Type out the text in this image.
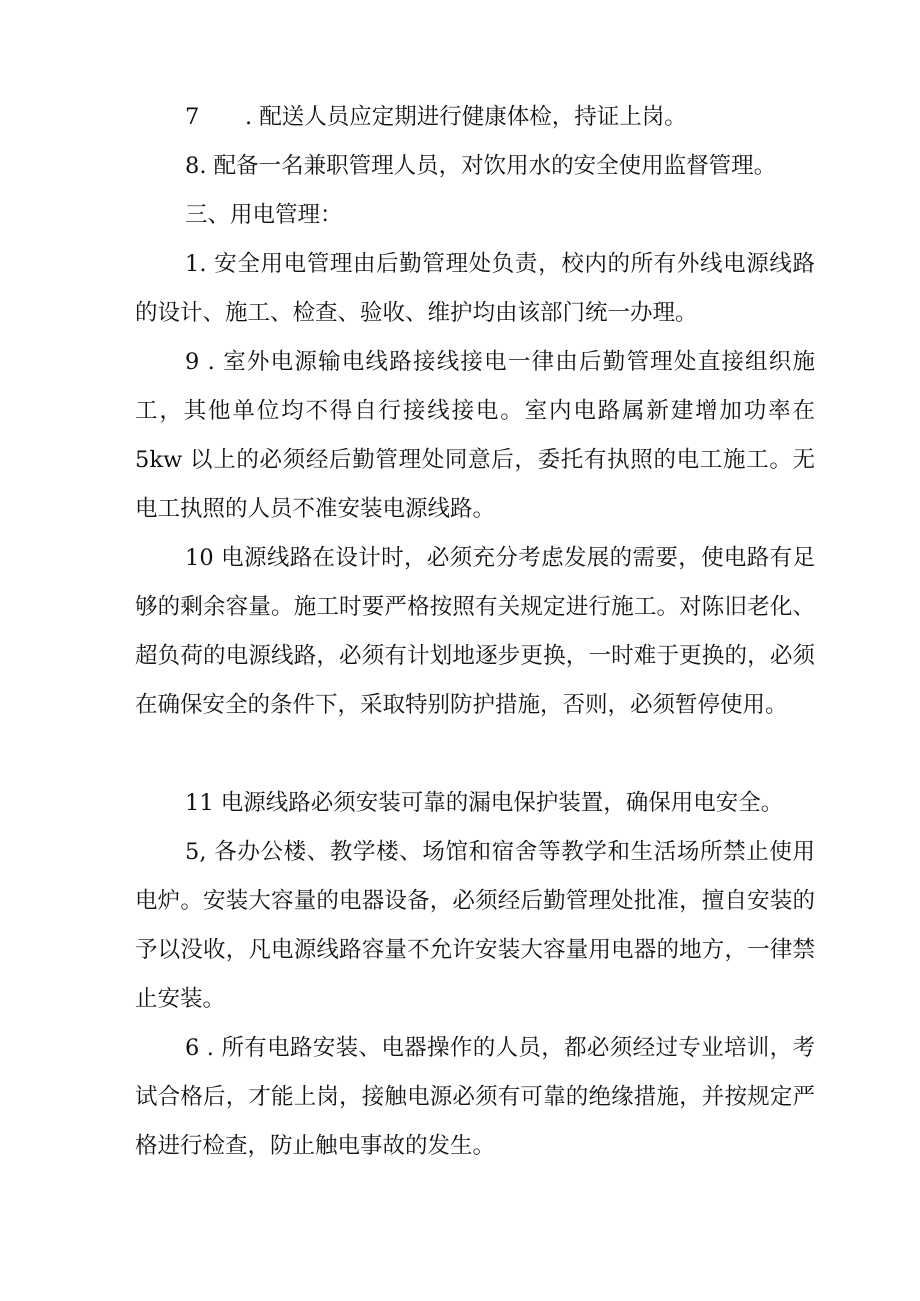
7 . 配送人员应定期进行健康体检，持证上岗。

8. 配备一名兼职管理人员，对饮用水的安全使用监督管理。

三、用电管理：

1. 安全用电管理由后勤管理处负责，校内的所有外线电源线路的设计、施工、检查、验收、维护均由该部门统一办理。

9 . 室外电源输电线路接线接电一律由后勤管理处直接组织施工，其他单位均不得自行接线接电。室内电路属新建增加功率在 5kw 以上的必须经后勤管理处同意后，委托有执照的电工施工。无电工执照的人员不准安装电源线路。

10 电源线路在设计时，必须充分考虑发展的需要，使电路有足够的剩余容量。施工时要严格按照有关规定进行施工。对陈旧老化、超负荷的电源线路，必须有计划地逐步更换，一时难于更换的，必须在确保安全的条件下，采取特别防护措施，否则，必须暂停使用。

11 电源线路必须安装可靠的漏电保护装置，确保用电安全。

5, 各办公楼、教学楼、场馆和宿舍等教学和生活场所禁止使用电炉。安装大容量的电器设备，必须经后勤管理处批准，擅自安装的予以没收，凡电源线路容量不允许安装大容量用电器的地方，一律禁止安装。

6 . 所有电路安装、电器操作的人员，都必须经过专业培训，考试合格后，才能上岗，接触电源必须有可靠的绝缘措施，并按规定严格进行检查，防止触电事故的发生。
